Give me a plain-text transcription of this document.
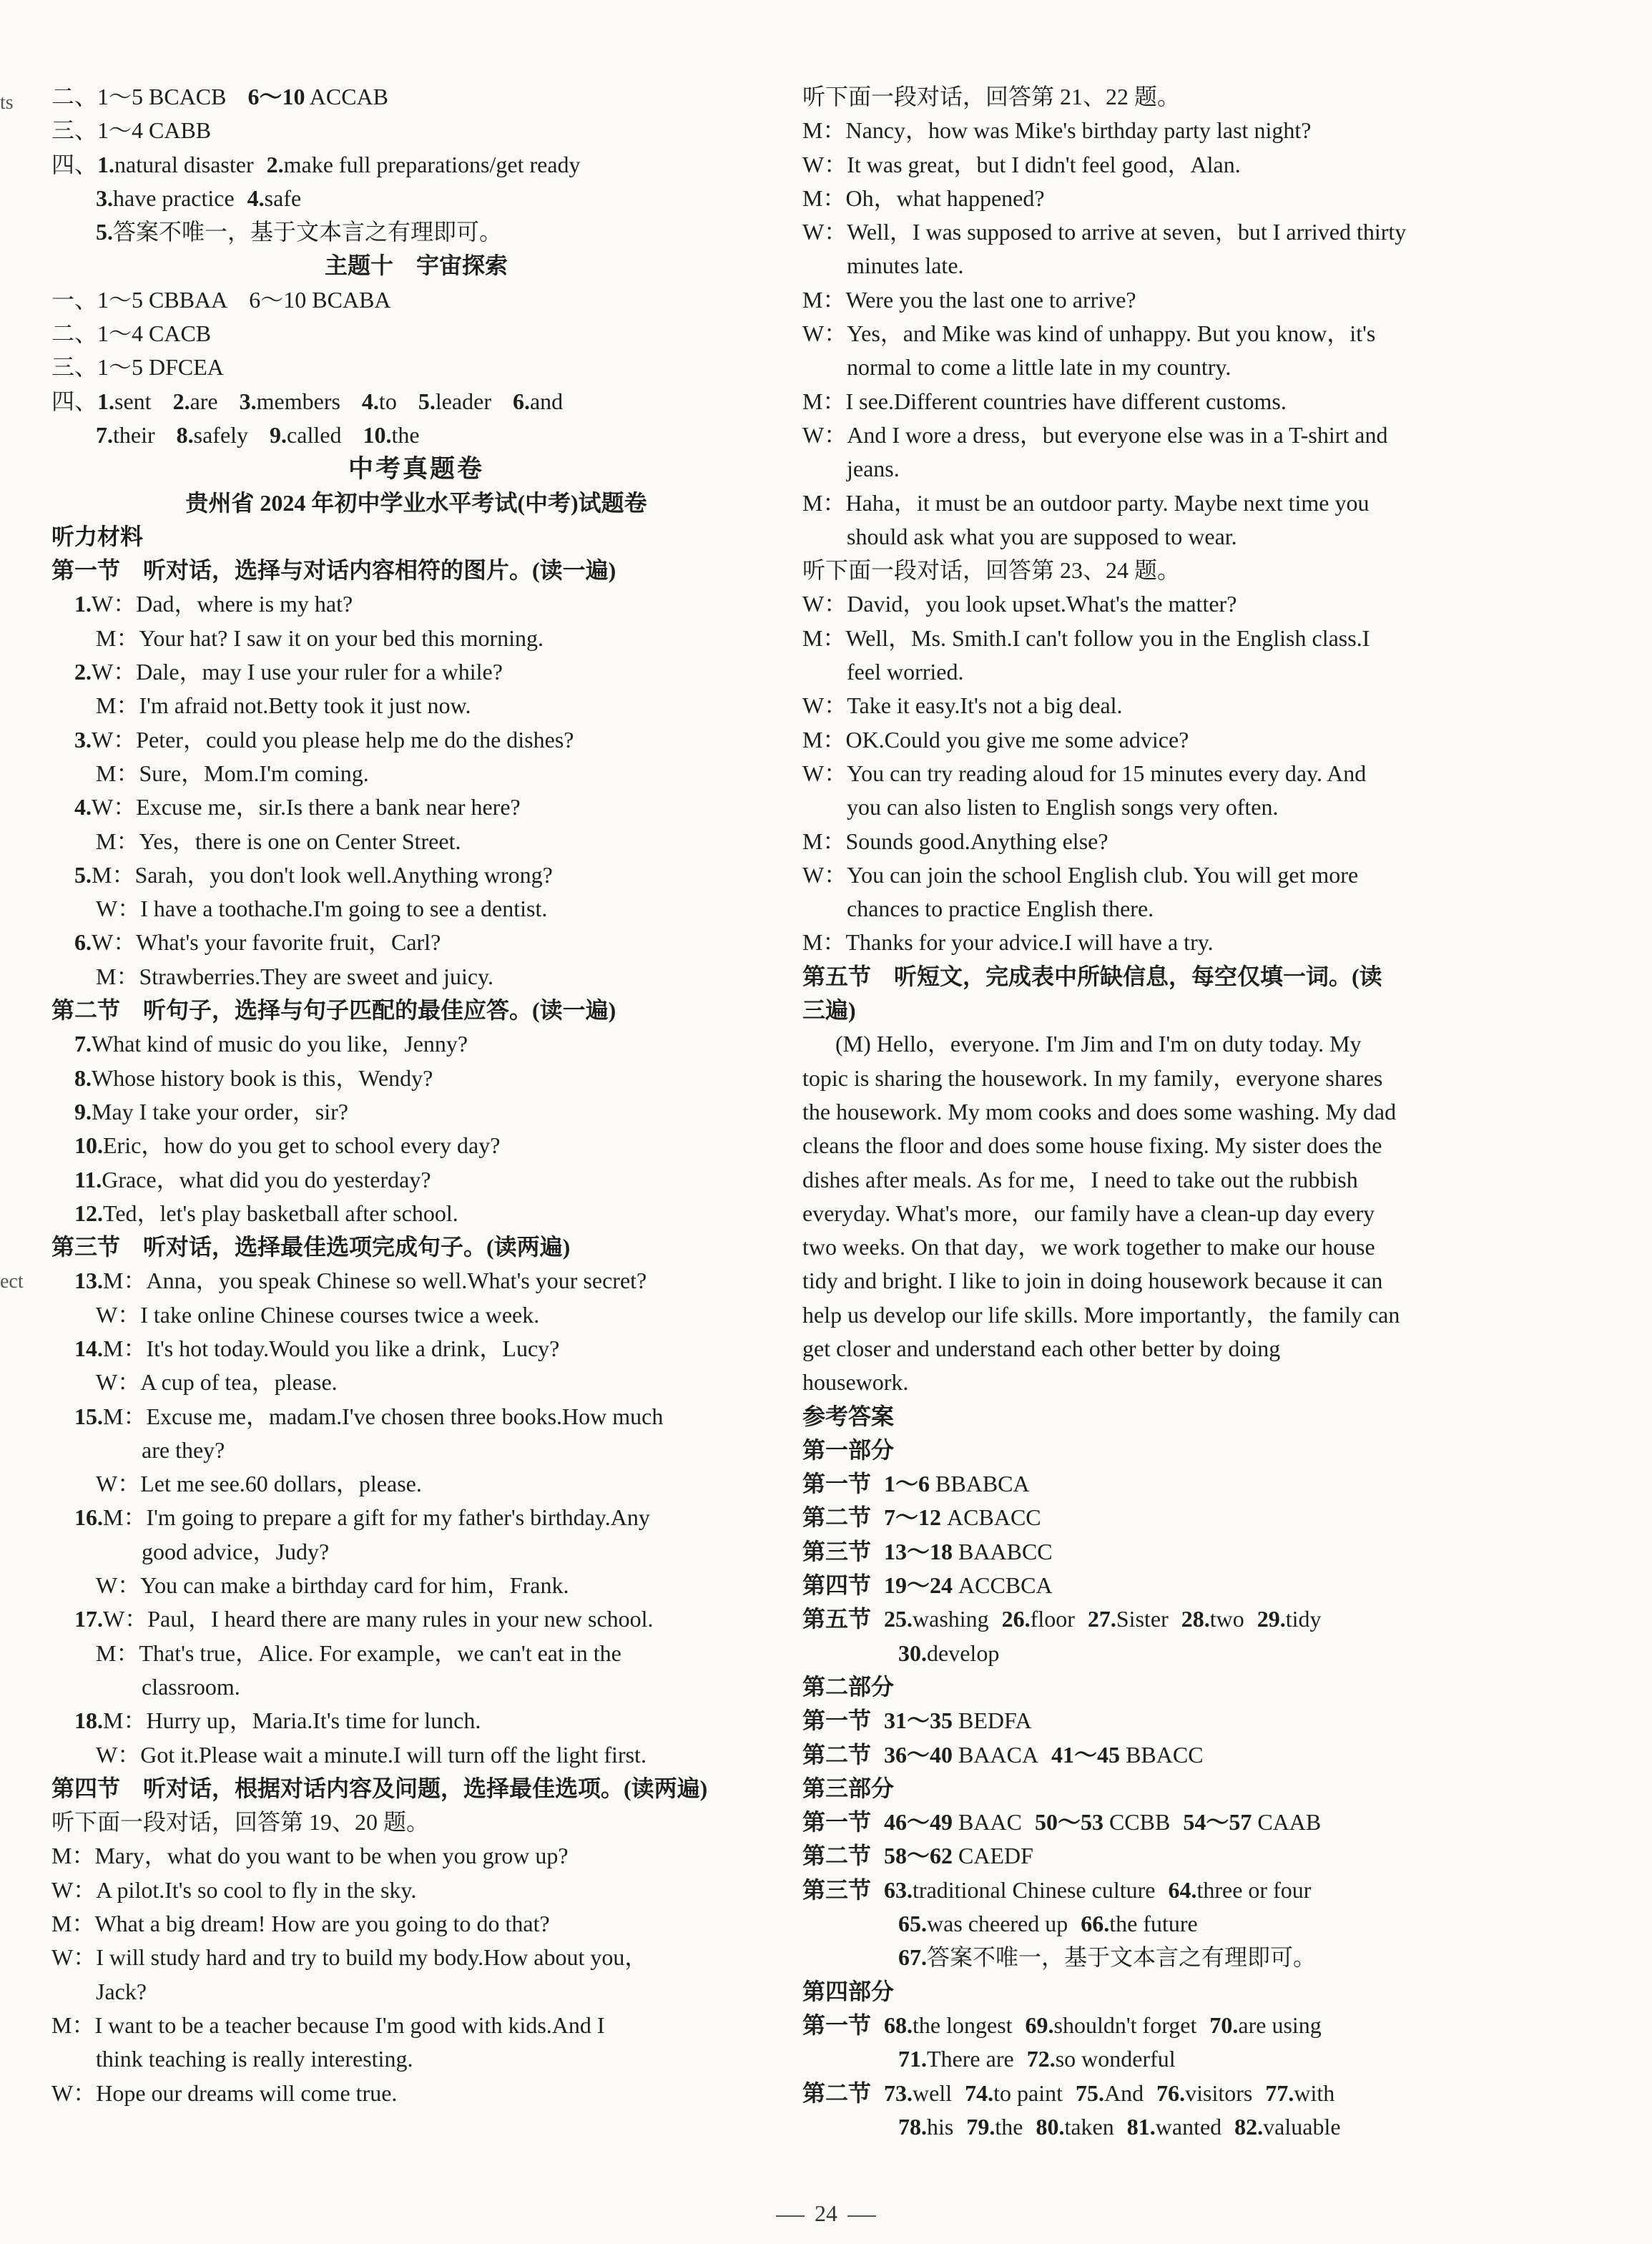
ts
ect
二、1～5 BCACB 6～10 ACCAB
三、1～4 CABB
四、1.natural disaster 2.make full preparations/get ready
3.have practice 4.safe
5.答案不唯一，基于文本言之有理即可。
主题十　宇宙探索
一、1～5 CBBAA 6～10 BCABA
二、1～4 CACB
三、1～5 DFCEA
四、1.sent 2.are 3.members 4.to 5.leader 6.and
7.their 8.safely 9.called 10.the
中考真题卷
贵州省 2024 年初中学业水平考试(中考)试题卷
听力材料
第一节　听对话，选择与对话内容相符的图片。(读一遍)
1.W：Dad，where is my hat?
M：Your hat? I saw it on your bed this morning.
2.W：Dale，may I use your ruler for a while?
M：I'm afraid not.Betty took it just now.
3.W：Peter，could you please help me do the dishes?
M：Sure，Mom.I'm coming.
4.W：Excuse me，sir.Is there a bank near here?
M：Yes，there is one on Center Street.
5.M：Sarah，you don't look well.Anything wrong?
W：I have a toothache.I'm going to see a dentist.
6.W：What's your favorite fruit，Carl?
M：Strawberries.They are sweet and juicy.
第二节　听句子，选择与句子匹配的最佳应答。(读一遍)
7.What kind of music do you like，Jenny?
8.Whose history book is this，Wendy?
9.May I take your order，sir?
10.Eric，how do you get to school every day?
11.Grace，what did you do yesterday?
12.Ted，let's play basketball after school.
第三节　听对话，选择最佳选项完成句子。(读两遍)
13.M：Anna，you speak Chinese so well.What's your secret?
W：I take online Chinese courses twice a week.
14.M：It's hot today.Would you like a drink，Lucy?
W：A cup of tea，please.
15.M：Excuse me，madam.I've chosen three books.How much
　　are they?
W：Let me see.60 dollars，please.
16.M：I'm going to prepare a gift for my father's birthday.Any
　　good advice，Judy?
W：You can make a birthday card for him，Frank.
17.W：Paul，I heard there are many rules in your new school.
M：That's true，Alice. For example，we can't eat in the
　　classroom.
18.M：Hurry up，Maria.It's time for lunch.
W：Got it.Please wait a minute.I will turn off the light first.
第四节　听对话，根据对话内容及问题，选择最佳选项。(读两遍)
听下面一段对话，回答第 19、20 题。
M：Mary，what do you want to be when you grow up?
W：A pilot.It's so cool to fly in the sky.
M：What a big dream! How are you going to do that?
W：I will study hard and try to build my body.How about you，
Jack?
M：I want to be a teacher because I'm good with kids.And I
think teaching is really interesting.
W：Hope our dreams will come true.
听下面一段对话，回答第 21、22 题。
M：Nancy，how was Mike's birthday party last night?
W：It was great，but I didn't feel good，Alan.
M：Oh，what happened?
W：Well，I was supposed to arrive at seven，but I arrived thirty
minutes late.
M：Were you the last one to arrive?
W：Yes，and Mike was kind of unhappy. But you know，it's
normal to come a little late in my country.
M：I see.Different countries have different customs.
W：And I wore a dress，but everyone else was in a T-shirt and
jeans.
M：Haha，it must be an outdoor party. Maybe next time you
should ask what you are supposed to wear.
听下面一段对话，回答第 23、24 题。
W：David，you look upset.What's the matter?
M：Well，Ms. Smith.I can't follow you in the English class.I
feel worried.
W：Take it easy.It's not a big deal.
M：OK.Could you give me some advice?
W：You can try reading aloud for 15 minutes every day. And
you can also listen to English songs very often.
M：Sounds good.Anything else?
W：You can join the school English club. You will get more
chances to practice English there.
M：Thanks for your advice.I will have a try.
第五节　听短文，完成表中所缺信息，每空仅填一词。(读
三遍)
(M) Hello，everyone. I'm Jim and I'm on duty today. My
topic is sharing the housework. In my family，everyone shares
the housework. My mom cooks and does some washing. My dad
cleans the floor and does some house fixing. My sister does the
dishes after meals. As for me，I need to take out the rubbish
everyday. What's more，our family have a clean-up day every
two weeks. On that day，we work together to make our house
tidy and bright. I like to join in doing housework because it can
help us develop our life skills. More importantly，the family can
get closer and understand each other better by doing
housework.
参考答案
第一部分
第一节 1～6 BBABCA
第二节 7～12 ACBACC
第三节 13～18 BAABCC
第四节 19～24 ACCBCA
第五节 25.washing 26.floor 27.Sister 28.two 29.tidy
　　 30.develop
第二部分
第一节 31～35 BEDFA
第二节 36～40 BAACA 41～45 BBACC
第三部分
第一节 46～49 BAAC 50～53 CCBB 54～57 CAAB
第二节 58～62 CAEDF
第三节 63.traditional Chinese culture 64.three or four
　　 65.was cheered up 66.the future
　　 67.答案不唯一，基于文本言之有理即可。
第四部分
第一节 68.the longest 69.shouldn't forget 70.are using
　　 71.There are 72.so wonderful
第二节 73.well 74.to paint 75.And 76.visitors 77.with
　　 78.his 79.the 80.taken 81.wanted 82.valuable
24
